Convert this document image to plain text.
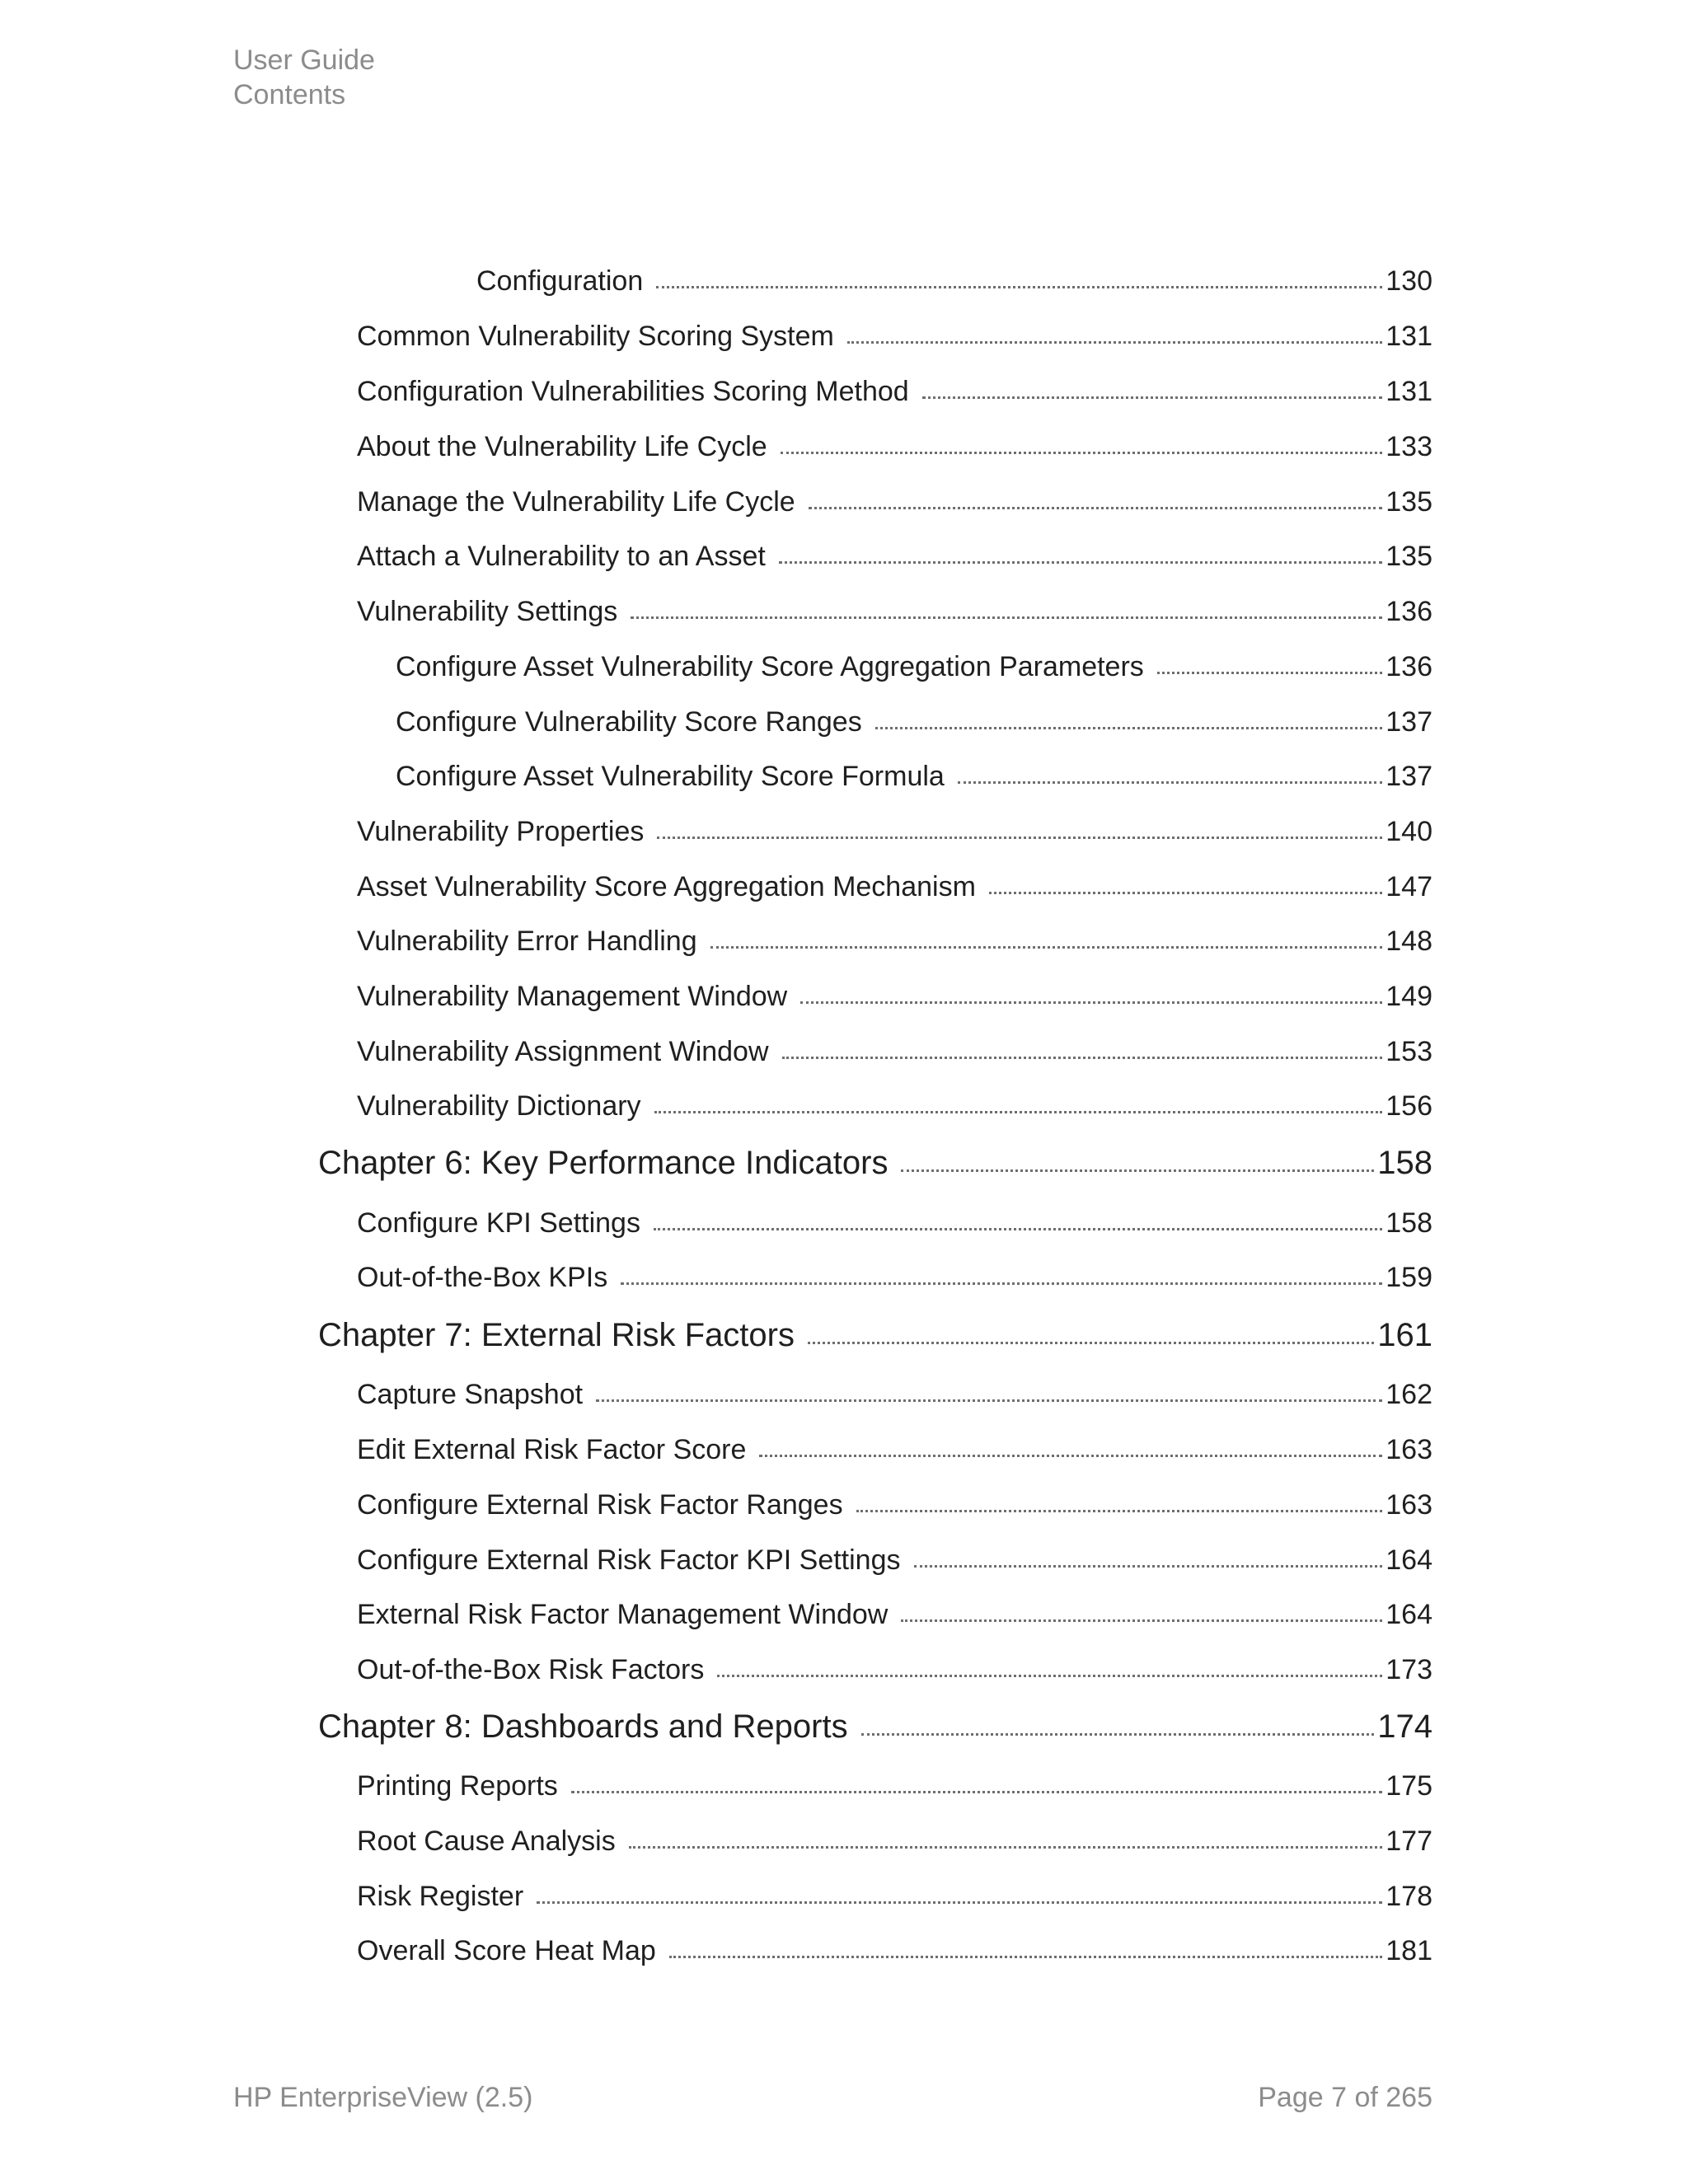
User Guide
Contents
Configuration	130
Common Vulnerability Scoring System	131
Configuration Vulnerabilities Scoring Method	131
About the Vulnerability Life Cycle	133
Manage the Vulnerability Life Cycle	135
Attach a Vulnerability to an Asset	135
Vulnerability Settings	136
Configure Asset Vulnerability Score Aggregation Parameters	136
Configure Vulnerability Score Ranges	137
Configure Asset Vulnerability Score Formula	137
Vulnerability Properties	140
Asset Vulnerability Score Aggregation Mechanism	147
Vulnerability Error Handling	148
Vulnerability Management Window	149
Vulnerability Assignment Window	153
Vulnerability Dictionary	156
Chapter 6: Key Performance Indicators	158
Configure KPI Settings	158
Out-of-the-Box KPIs	159
Chapter 7: External Risk Factors	161
Capture Snapshot	162
Edit External Risk Factor Score	163
Configure External Risk Factor Ranges	163
Configure External Risk Factor KPI Settings	164
External Risk Factor Management Window	164
Out-of-the-Box Risk Factors	173
Chapter 8: Dashboards and Reports	174
Printing Reports	175
Root Cause Analysis	177
Risk Register	178
Overall Score Heat Map	181
HP EnterpriseView (2.5)	Page 7 of 265
